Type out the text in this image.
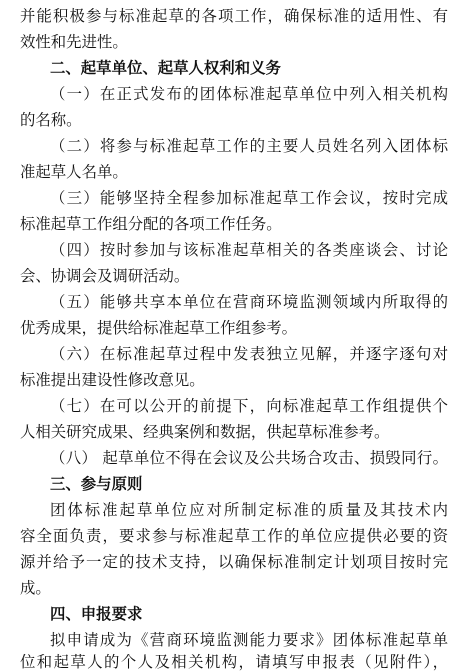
并能积极参与标准起草的各项工作，确保标准的适用性、有
效性和先进性。
二、起草单位、起草人权利和义务
（一）在正式发布的团体标准起草单位中列入相关机构
的名称。
（二）将参与标准起草工作的主要人员姓名列入团体标
准起草人名单。
（三）能够坚持全程参加标准起草工作会议，按时完成
标准起草工作组分配的各项工作任务。
（四）按时参加与该标准起草相关的各类座谈会、讨论
会、协调会及调研活动。
（五）能够共享本单位在营商环境监测领域内所取得的
优秀成果，提供给标准起草工作组参考。
（六）在标准起草过程中发表独立见解，并逐字逐句对
标准提出建设性修改意见。
（七）在可以公开的前提下，向标准起草工作组提供个
人相关研究成果、经典案例和数据，供起草标准参考。
（八） 起草单位不得在会议及公共场合攻击、损毁同行。
三、参与原则
团体标准起草单位应对所制定标准的质量及其技术内
容全面负责，要求参与标准起草工作的单位应提供必要的资
源并给予一定的技术支持，以确保标准制定计划项目按时完
成。
四、申报要求
拟申请成为《营商环境监测能力要求》团体标准起草单
位和起草人的个人及相关机构，请填写申报表（见附件），
